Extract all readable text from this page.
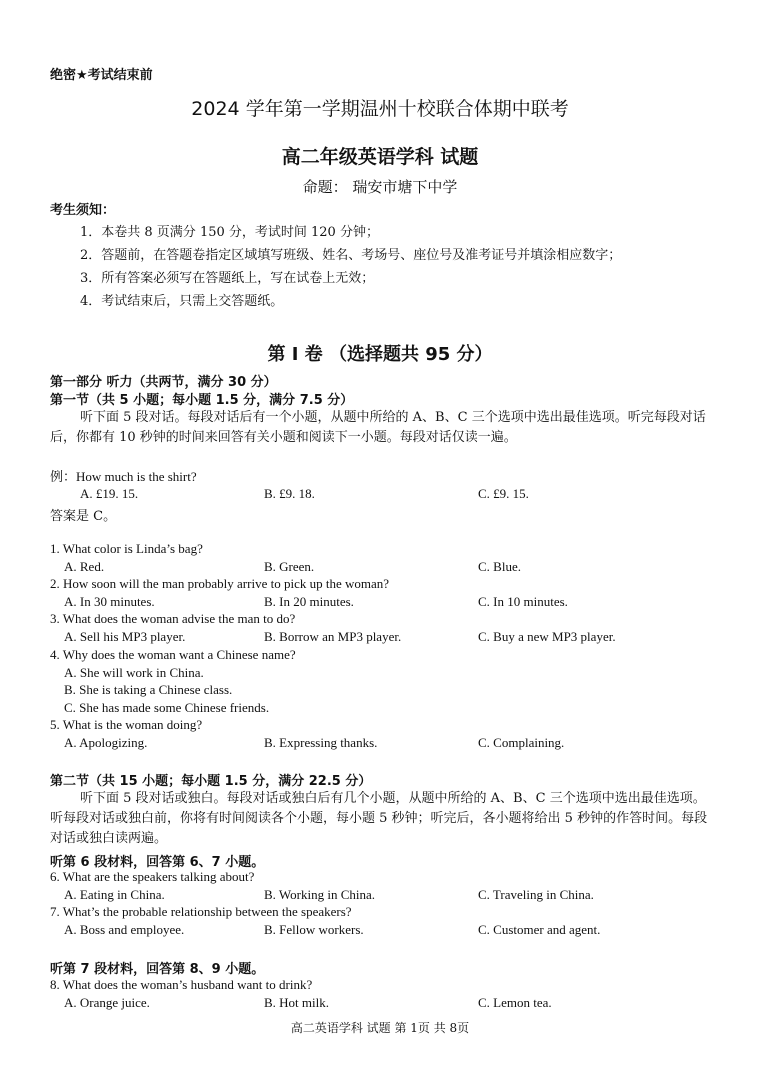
绝密★考试结束前
2024 学年第一学期温州十校联合体期中联考
高二年级英语学科 试题
命题： 瑞安市塘下中学
考生须知：
1．本卷共 8 页满分 150 分，考试时间 120 分钟；
2．答题前，在答题卷指定区域填写班级、姓名、考场号、座位号及准考证号并填涂相应数字；
3．所有答案必须写在答题纸上，写在试卷上无效；
4．考试结束后，只需上交答题纸。
第 I 卷 （选择题共 95 分）
第一部分 听力（共两节，满分 30 分）
第一节（共 5 小题；每小题 1.5 分，满分 7.5 分）
听下面 5 段对话。每段对话后有一个小题，从题中所给的 A、B、C 三个选项中选出最佳选项。听完每段对话后，你都有 10 秒钟的时间来回答有关小题和阅读下一小题。每段对话仅读一遍。
例：How much is the shirt?
A. £19. 15.	B. £9. 18.	C. £9. 15.
答案是 C。
1. What color is Linda’s bag?
A. Red.	B. Green.	C. Blue.
2. How soon will the man probably arrive to pick up the woman?
A. In 30 minutes.	B. In 20 minutes.	C. In 10 minutes.
3. What does the woman advise the man to do?
A. Sell his MP3 player.	B. Borrow an MP3 player.	C. Buy a new MP3 player.
4. Why does the woman want a Chinese name?
A. She will work in China.
B. She is taking a Chinese class.
C. She has made some Chinese friends.
5. What is the woman doing?
A. Apologizing.	B. Expressing thanks.	C. Complaining.
第二节（共 15 小题；每小题 1.5 分，满分 22.5 分）
听下面 5 段对话或独白。每段对话或独白后有几个小题，从题中所给的 A、B、C 三个选项中选出最佳选项。听每段对话或独白前，你将有时间阅读各个小题，每小题 5 秒钟；听完后，各小题将给出 5 秒钟的作答时间。每段对话或独白读两遍。
听第 6 段材料，回答第 6、7 小题。
6. What are the speakers talking about?
A. Eating in China.	B. Working in China.	C. Traveling in China.
7. What’s the probable relationship between the speakers?
A. Boss and employee.	B. Fellow workers.	C. Customer and agent.
听第 7 段材料，回答第 8、9 小题。
8. What does the woman’s husband want to drink?
A. Orange juice.	B. Hot milk.	C. Lemon tea.
高二英语学科 试题 第 1页 共 8页
